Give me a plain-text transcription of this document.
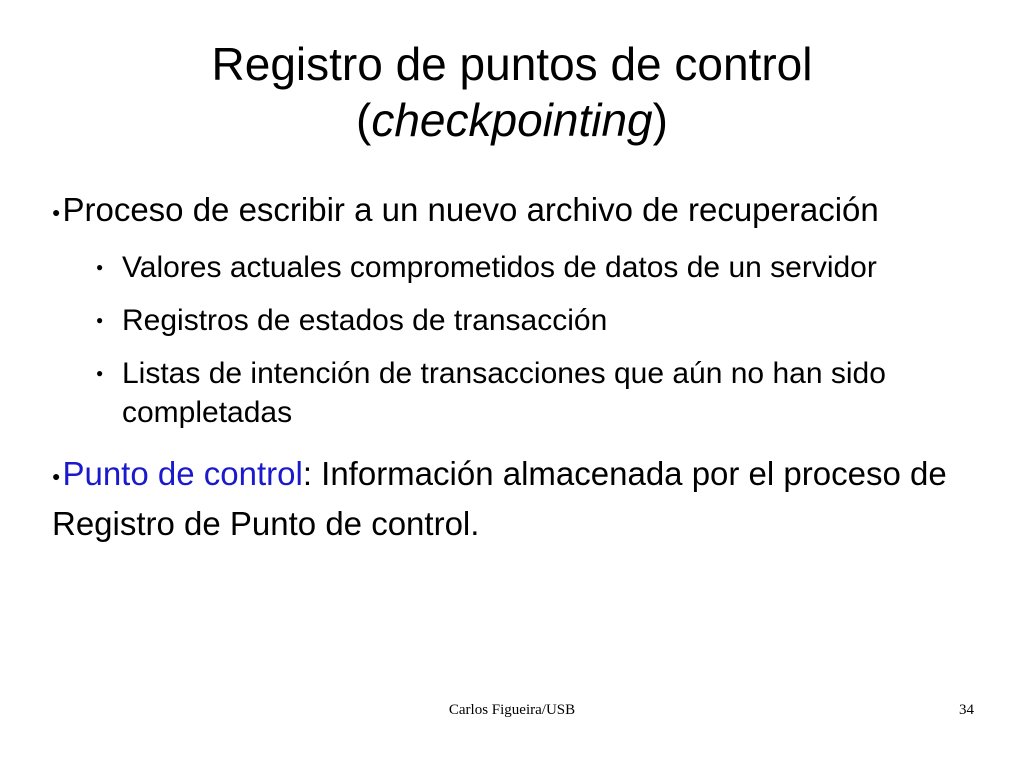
Registro de puntos de control
(checkpointing)

●Proceso de escribir a un nuevo archivo de recuperación

● Valores actuales comprometidos de datos de un servidor

● Registros de estados de transacción

● Listas de intención de transacciones que aún no han sido completadas

●Punto de control: Información almacenada por el proceso de Registro de Punto de control.

Carlos Figueira/USB	34
